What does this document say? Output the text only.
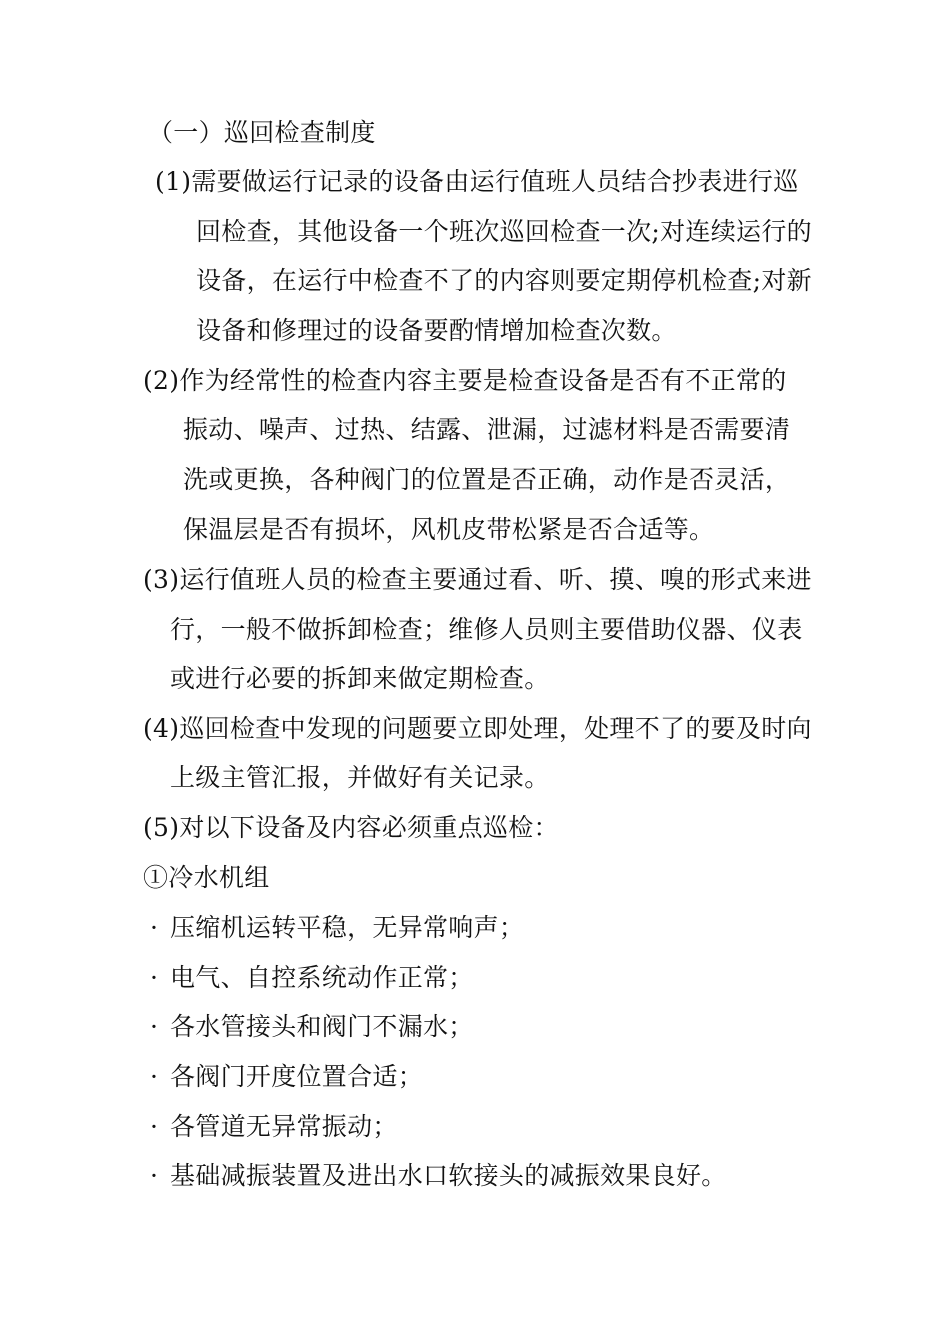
（一）巡回检查制度
(1)需要做运行记录的设备由运行值班人员结合抄表进行巡
回检查，其他设备一个班次巡回检查一次;对连续运行的
设备，在运行中检查不了的内容则要定期停机检查;对新
设备和修理过的设备要酌情增加检查次数。
(2)作为经常性的检查内容主要是检查设备是否有不正常的
振动、噪声、过热、结露、泄漏，过滤材料是否需要清
洗或更换，各种阀门的位置是否正确，动作是否灵活，
保温层是否有损坏，风机皮带松紧是否合适等。
(3)运行值班人员的检查主要通过看、听、摸、嗅的形式来进
行，一般不做拆卸检查；维修人员则主要借助仪器、仪表
或进行必要的拆卸来做定期检查。
(4)巡回检查中发现的问题要立即处理，处理不了的要及时向
上级主管汇报，并做好有关记录。
(5)对以下设备及内容必须重点巡检：
①冷水机组
· 压缩机运转平稳，无异常响声；
· 电气、自控系统动作正常；
· 各水管接头和阀门不漏水；
· 各阀门开度位置合适；
· 各管道无异常振动；
· 基础减振装置及进出水口软接头的减振效果良好。
